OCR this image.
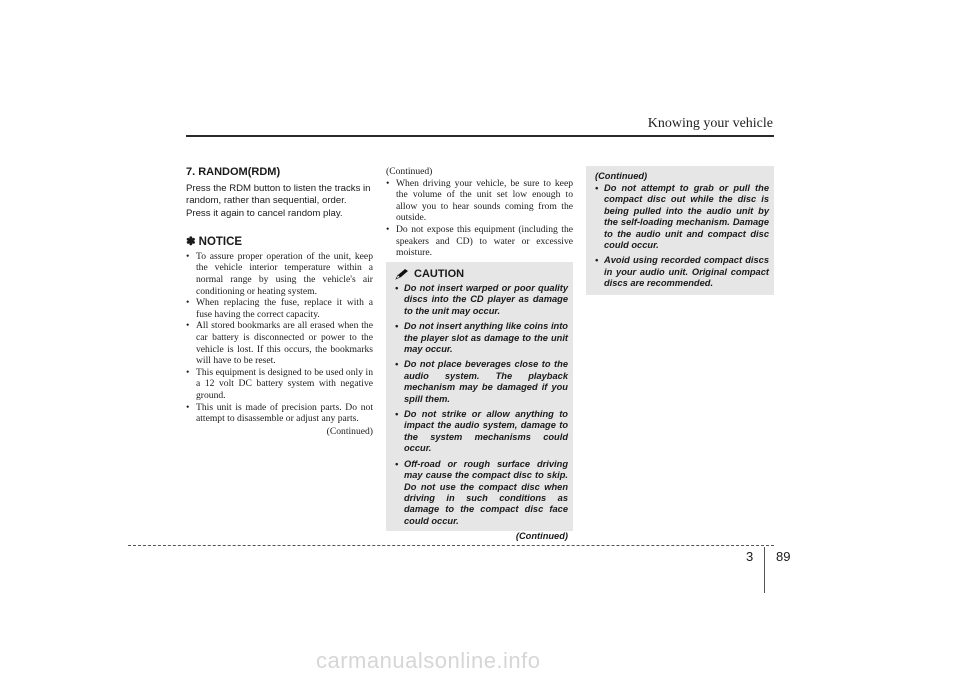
Knowing your vehicle
7. RANDOM(RDM)

Press the RDM button to listen the tracks in random, rather than sequential, order.

Press it again to cancel random play.

✽ NOTICE
• To assure proper operation of the unit, keep the vehicle interior temperature within a normal range by using the vehicle's air conditioning or heating system.
• When replacing the fuse, replace it with a fuse having the correct capacity.
• All stored bookmarks are all erased when the car battery is disconnected or power to the vehicle is lost. If this occurs, the bookmarks will have to be reset.
• This equipment is designed to be used only in a 12 volt DC battery system with negative ground.
• This unit is made of precision parts. Do not attempt to disassemble or adjust any parts.
(Continued)
(Continued)
• When driving your vehicle, be sure to keep the volume of the unit set low enough to allow you to hear sounds coming from the outside.
• Do not expose this equipment (including the speakers and CD) to water or excessive moisture.
CAUTION
• Do not insert warped or poor quality discs into the CD player as damage to the unit may occur.
• Do not insert anything like coins into the player slot as damage to the unit may occur.
• Do not place beverages close to the audio system. The playback mechanism may be damaged if you spill them.
• Do not strike or allow anything to impact the audio system, damage to the system mechanisms could occur.
• Off-road or rough surface driving may cause the compact disc to skip. Do not use the compact disc when driving in such conditions as damage to the compact disc face could occur.
(Continued)
(Continued)
• Do not attempt to grab or pull the compact disc out while the disc is being pulled into the audio unit by the self-loading mechanism. Damage to the audio unit and compact disc could occur.
• Avoid using recorded compact discs in your audio unit. Original compact discs are recommended.
3 89
carmanualsonline.info
